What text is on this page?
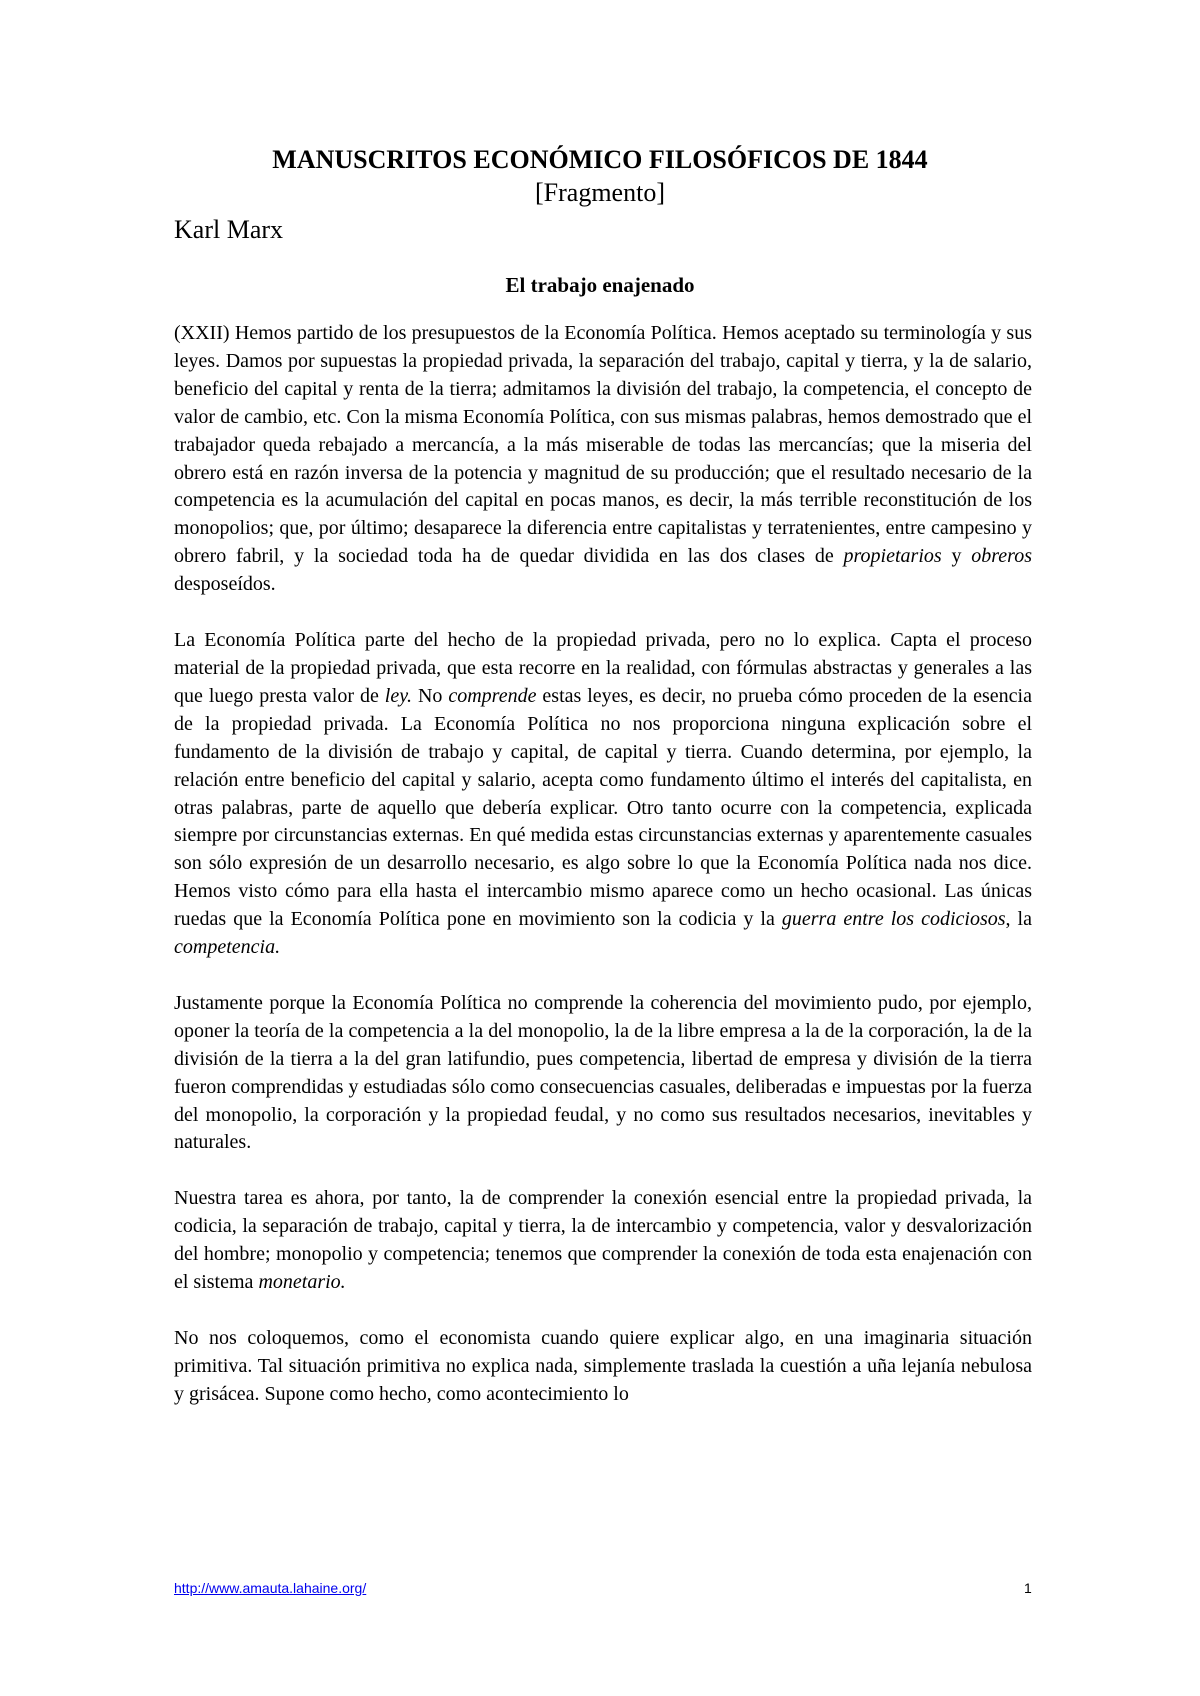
MANUSCRITOS ECONÓMICO FILOSÓFICOS DE 1844
[Fragmento]
Karl Marx
El trabajo enajenado

(XXII) Hemos partido de los presupuestos de la Economía Política. Hemos aceptado su terminología y sus leyes. Damos por supuestas la propiedad privada, la separación del trabajo, capital y tierra, y la de salario, beneficio del capital y renta de la tierra; admitamos la división del trabajo, la competencia, el concepto de valor de cambio, etc. Con la misma Economía Política, con sus mismas palabras, hemos demostrado que el trabajador queda rebajado a mercancía, a la más miserable de todas las mercancías; que la miseria del obrero está en razón inversa de la potencia y magnitud de su producción; que el resultado necesario de la competencia es la acumulación del capital en pocas manos, es decir, la más terrible reconstitución de los monopolios; que, por último; desaparece la diferencia entre capitalistas y terratenientes, entre campesino y obrero fabril, y la sociedad toda ha de quedar dividida en las dos clases de propietarios y obreros desposeídos.

La Economía Política parte del hecho de la propiedad privada, pero no lo explica. Capta el proceso material de la propiedad privada, que esta recorre en la realidad, con fórmulas abstractas y generales a las que luego presta valor de ley. No comprende estas leyes, es decir, no prueba cómo proceden de la esencia de la propiedad privada. La Economía Política no nos proporciona ninguna explicación sobre el fundamento de la división de trabajo y capital, de capital y tierra. Cuando determina, por ejemplo, la relación entre beneficio del capital y salario, acepta como fundamento último el interés del capitalista, en otras palabras, parte de aquello que debería explicar. Otro tanto ocurre con la competencia, explicada siempre por circunstancias externas. En qué medida estas circunstancias externas y aparentemente casuales son sólo expresión de un desarrollo necesario, es algo sobre lo que la Economía Política nada nos dice. Hemos visto cómo para ella hasta el intercambio mismo aparece como un hecho ocasional. Las únicas ruedas que la Economía Política pone en movimiento son la codicia y la guerra entre los codiciosos, la competencia.

Justamente porque la Economía Política no comprende la coherencia del movimiento pudo, por ejemplo, oponer la teoría de la competencia a la del monopolio, la de la libre empresa a la de la corporación, la de la división de la tierra a la del gran latifundio, pues competencia, libertad de empresa y división de la tierra fueron comprendidas y estudiadas sólo como consecuencias casuales, deliberadas e impuestas por la fuerza del monopolio, la corporación y la propiedad feudal, y no como sus resultados necesarios, inevitables y naturales.

Nuestra tarea es ahora, por tanto, la de comprender la conexión esencial entre la propiedad privada, la codicia, la separación de trabajo, capital y tierra, la de intercambio y competencia, valor y desvalorización del hombre; monopolio y competencia; tenemos que comprender la conexión de toda esta enajenación con el sistema monetario.

No nos coloquemos, como el economista cuando quiere explicar algo, en una imaginaria situación primitiva. Tal situación primitiva no explica nada, simplemente traslada la cuestión a uña lejanía nebulosa y grisácea. Supone como hecho, como acontecimiento lo

http://www.amauta.lahaine.org/	1
